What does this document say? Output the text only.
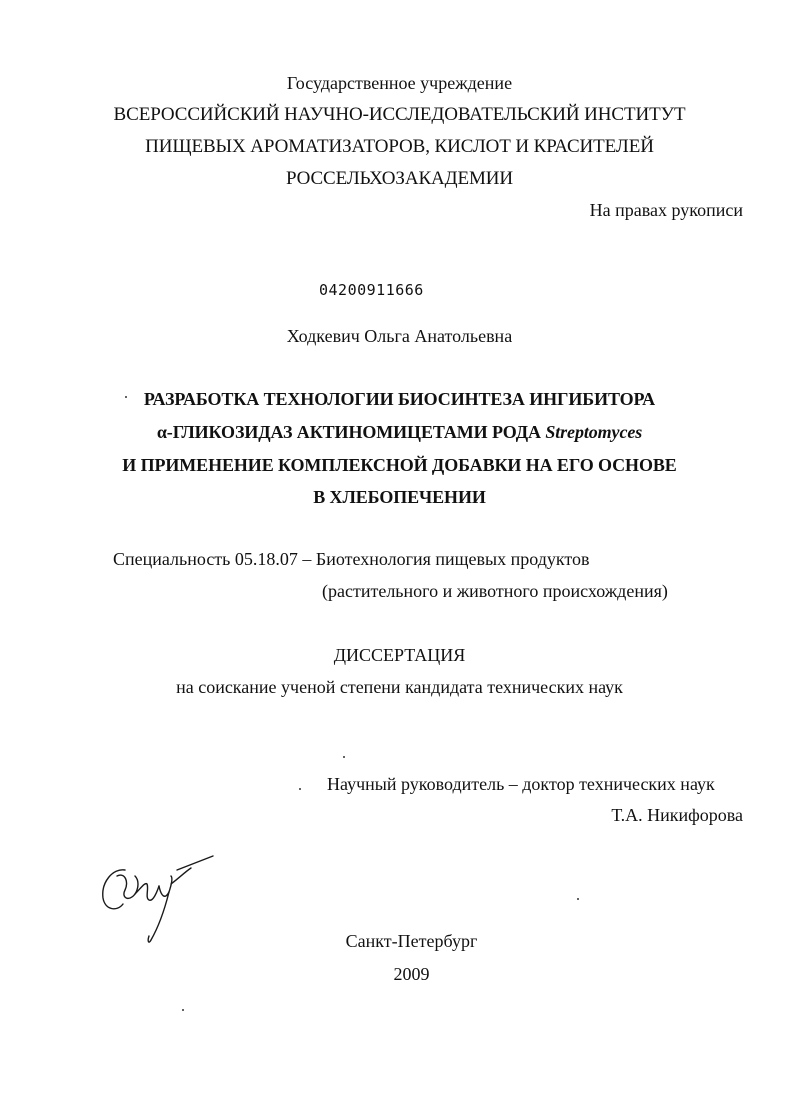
Государственное учреждение
ВСЕРОССИЙСКИЙ НАУЧНО-ИССЛЕДОВАТЕЛЬСКИЙ ИНСТИТУТ
ПИЩЕВЫХ АРОМАТИЗАТОРОВ, КИСЛОТ И КРАСИТЕЛЕЙ
РОССЕЛЬХОЗАКАДЕМИИ
На правах рукописи
04200911666
Ходкевич Ольга Анатольевна
РАЗРАБОТКА ТЕХНОЛОГИИ БИОСИНТЕЗА ИНГИБИТОРА
α-ГЛИКОЗИДАЗ АКТИНОМИЦЕТАМИ РОДА Streptomyces
И ПРИМЕНЕНИЕ КОМПЛЕКСНОЙ ДОБАВКИ НА ЕГО ОСНОВЕ
В ХЛЕБОПЕЧЕНИИ
Специальность 05.18.07 – Биотехнология пищевых продуктов
(растительного и животного происхождения)
ДИССЕРТАЦИЯ
на соискание ученой степени кандидата технических наук
Научный руководитель – доктор технических наук
Т.А. Никифорова
Санкт-Петербург
2009
